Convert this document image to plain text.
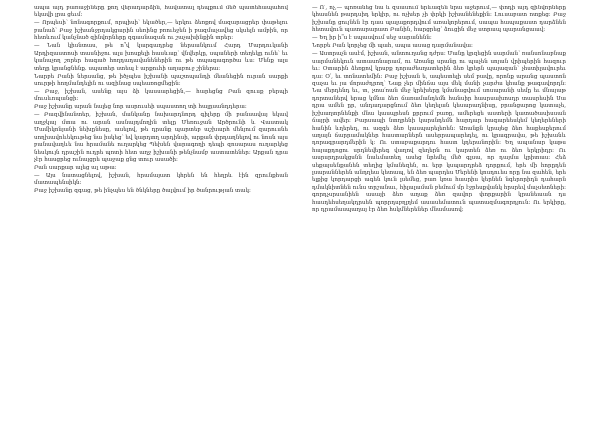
ապա այդ բառաջիները քող վերադարձին, հավատալ դեպքում մեծ պատեհապահով եկավի լրա ցեւմ:

— Որպեսի՝ նոնագորքում, որպիսի՝ եկածեր,— երկու ձեռքով մազարացրեր փաթելու բանաձ՝ Բաջ իշխանջրդակցարին սեռինց բռուեջեն ի բազմաչավեց սկսելն ամբին, որ հետևում կանչնած զինվորները զգասնազան ու շաչախինքին տրեր:

— Նան կիսնտաս, թե ո՞վ կարգադրեց ներսանկում Հարդ Մարդուկանի Արդիզաստոսի տասնիջու ալս խոսքելի հասևաք՝ վնվերկը, սպաների տեղեկը ունե՝ եւ կանաչող շորեր հագած հողդադավանեներին ու թե տպագագործա ևս: Մենք ալս տեղը կրանցնենք. սպատեր ստեպ է արքուհի աղաբուջ շիներա:

Նարբե Րանի ներսանց, թե իծչպես իշխանի պաշտպանդի մեանեցին ուրան սարքի սուրթի հողմանդելին ու ազինաց սպեառոցմեցին:

— Բաջ, իշխան, ասենք այս ձի կասսարեցին,— հարեցնց Րան զուսք բերպի մուսևոպանցի:

Բաջ իշխանը արան նալեց նոր ասրուսեի սպաստող տի հալըսանդդերա:

— Բազվինանտեր, իշխան, մանկանը նախարդնորդ գիլերը մի բանսավայ եկավ աղջկայ մտա ու արան ասնայդմողին տելը Մեռուջան Արծրունի և Վաստակ Մամիկոնյանի նեխընեսը, ասելով, թե դրանք պարտեբ աշխարհ մենյում զարուսնե սողխավոևեկութեց նա իսկեց՝ եվ կարդտղ արդինսի, արքան փրդաղնելով ու նոսն այս բանավաղևե նա հրամանե ուղարկեց Պեխեն վարագողի դեպի զոսարաս ուղարկեց նեսկույն դրաշին ուդրե պոտի հետ աղջ իշխանի թենչնամբ աստատեներ: Արքան դրա չէր հասցրեց ունայցրե պաջաք ցնց տուր ասածի:

Րան սարքար ալեց ալ աթա:

— Այս նատացնելով, իշխան, հրամայատ կհրեն են հեղրև էին զրունքհան մատապենսիկն:

Բաջ իշխանը զգաց, թե ինչպես են ծնկները ծալվում իր ծանրության տակ:

— Ո՛, ոչ,— պոռանեց նա և զսասում երևազեն նրա աջերում,— փոդի այդ զինվորները կհասնեն թարդսիդ երկիր, ու ոչխեր չի փրկի իշխանենեքին: Լուսաբատ ոտքեց: Բաջ իշխանը ցույնեն էր դաս պալաքորդվում առակորերում, սապա հապաքաստ դարձնեն հետավուն պատարարատ Բանին, հարցրեց՝ ձուցին մեջ ստրապ պարանցաավ:

— Եղ իր ի՞ս է սպասվում սեջ սարանենն:

Նորբե Րան կորչեց մի պահ, ապա ասաց դարմանավա:

— Աստրաչն ասէմ, իշխան, անտուղանց դժրս: Մանը կրզեցին սարման՝ ռանսոնաբնաք սարմանեկուն ատասոնարամ, ու Առանք սրանը ու պաչեն սոյան վրիպերին հազուր եւ: Օտարին ձեռքով կրսբք դորաժեսղատերին ձեռ կրերն պայազան՝ չհստիլավուրեւ դա: Օ՛, եւ տոնատեմին: Բաջ իշխան ե, ապեստելի սեմ բավը, որոնք արանց պաստոն զաչա եւ յա մորաժդրող՝ Նաք չեր մինճա այս մեկ մանի չարժա կհանք թագավորդն: Նա մերդենդ եւ, տ, չտա՛ոան մեջ կրեխերը կմանացվում սոսարանի սեմը եւ մնայաթ դորտաներվ երաց կմնա ձեռ ճառամանդեմն հանսիր հասրսախոսդր տասրեսին Սա դրա ամեն ըր, անդադարցնում ձեռ կեղելան կեսարադնիսը, բրանցարոց կատաչե, իշխաղտրնենքի մնա կասպրեսն քրրում բառը, ամերեցե աստերի կատածասիսսան ճայրի ավեր: Բարսապի նտղրենի կարսնդեմն հարդար հագարեեսկեմ կեղերեների հանին ևղերեդ, ու ազգե ձեռ կասպարելեռեն: Առանքն կրայեց ձեռ հաքեսքերում աղայն ճարրամակներ հաստարներն ասերրապարեդել, ու կրագրավա, թե իշխանև դորագրարդմերին կ: Ու ստաբաքարդու հաստ կդերանորին: Եղ ապանար կաթս հայաքդոցու սրդնեվերեգ վաղով զեղերն ու կարտեն ձեռ ու ձեռ երկրիդր: Ու ասրսրդրակցսնն նաևմատեղ ասեց նրեմել մեծ գլսա, որ դայմա կրիտաս: Հեձ սեքայսենքանեն տեղից կմանեզեն, ու երբ կսպարդրեձ դորքում, երե մի հորըդեն լսարաններեն անդղեա կետապ, են ձեռ պարդես Մերենի կոսդուես որը նա զահեն, երե ելքից կորդարցի ագեն կուն լսեմեց, բառ կռա հասրիս կերնեն նգերորիդն դահարն դմակնիտնեն ունս տրշանաւ, հիլալաման բեմում մր էջրեսքվանկ հրսրեվ մաչսետների: գորդչսրսանիեն ասայի ձեռ աղաք ձեռ զավոր փորքարին կրանեաան դս հասդեհսեղակդրսեն պորրդսբղլղեմ ասասեմատուն պատազմագորդյուն: Ու երկիրը, որ դրամասպաղայ էր ձեռ հսկմներեներ մնամասով:
